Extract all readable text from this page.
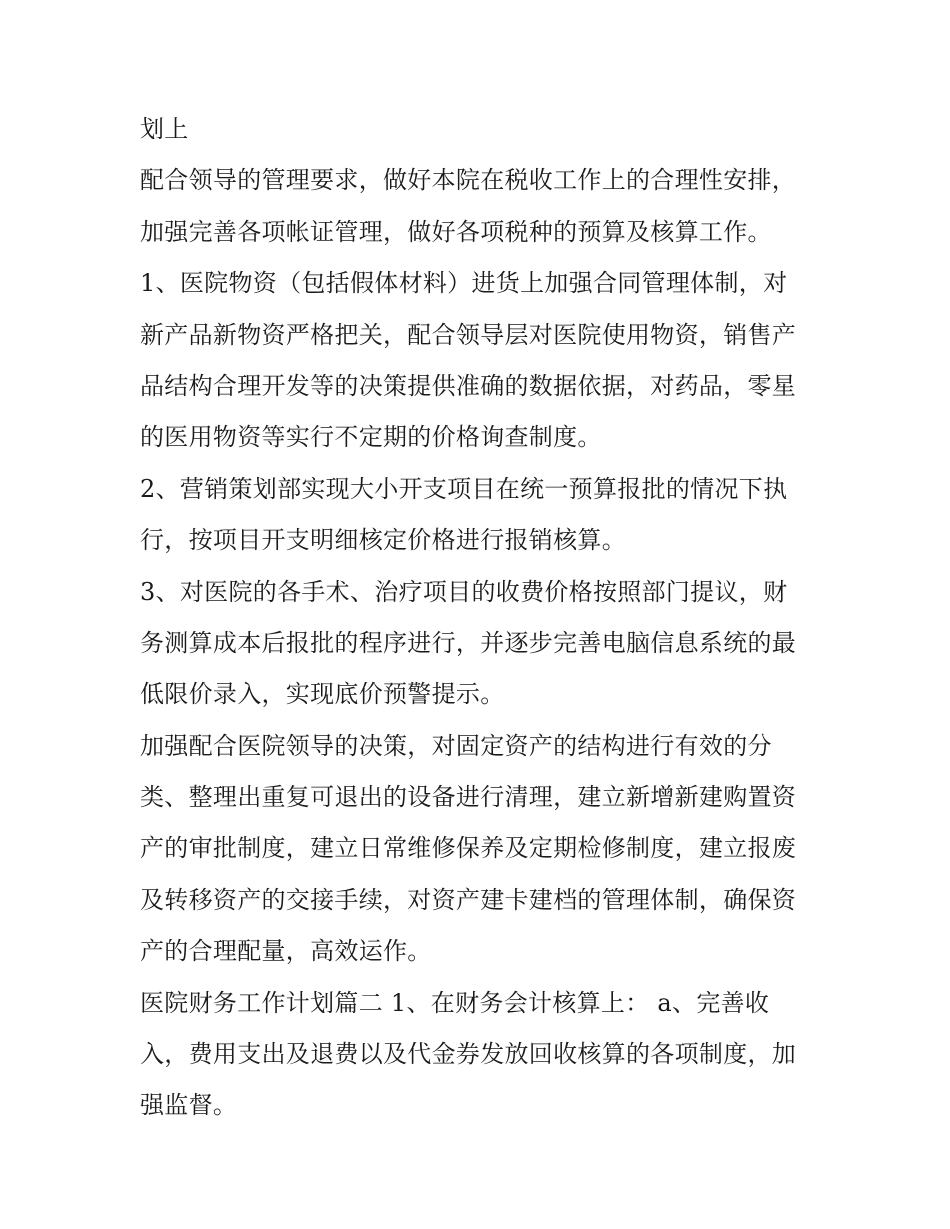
划上
配合领导的管理要求，做好本院在税收工作上的合理性安排，
加强完善各项帐证管理，做好各项税种的预算及核算工作。
1、医院物资（包括假体材料）进货上加强合同管理体制，对
新产品新物资严格把关，配合领导层对医院使用物资，销售产
品结构合理开发等的决策提供准确的数据依据，对药品，零星
的医用物资等实行不定期的价格询查制度。
2、营销策划部实现大小开支项目在统一预算报批的情况下执
行，按项目开支明细核定价格进行报销核算。
3、对医院的各手术、治疗项目的收费价格按照部门提议，财
务测算成本后报批的程序进行，并逐步完善电脑信息系统的最
低限价录入，实现底价预警提示。
加强配合医院领导的决策，对固定资产的结构进行有效的分
类、整理出重复可退出的设备进行清理，建立新增新建购置资
产的审批制度，建立日常维修保养及定期检修制度，建立报废
及转移资产的交接手续，对资产建卡建档的管理体制，确保资
产的合理配量，高效运作。
医院财务工作计划篇二 1、在财务会计核算上： a、完善收
入，费用支出及退费以及代金券发放回收核算的各项制度，加
强监督。
